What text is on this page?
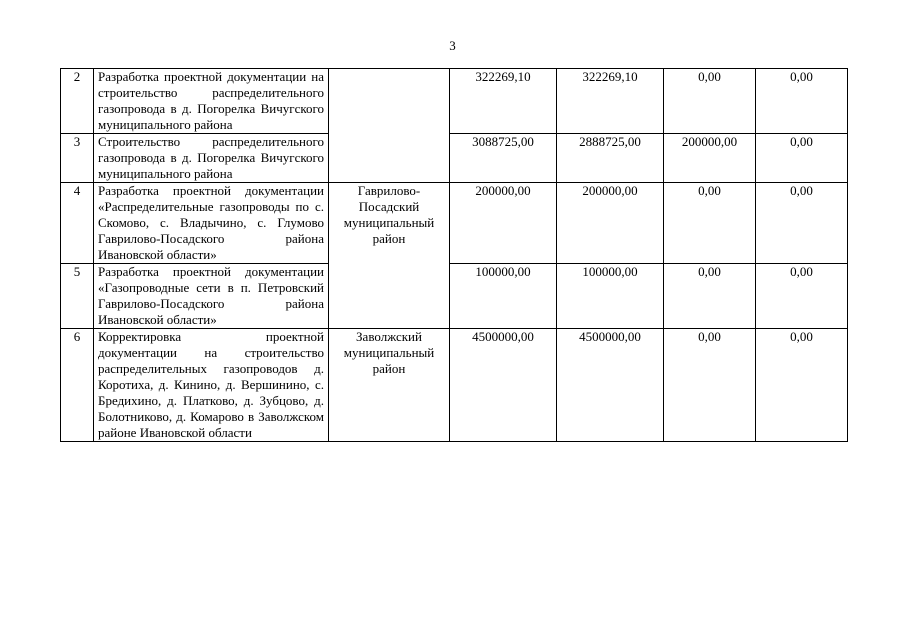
3
2	Разработка проектной документации на строительство распределительного газопровода в д. Погорелка Вичугского муниципального района		322269,10	322269,10	0,00	0,00
3	Строительство распределительного газопровода в д. Погорелка Вичугского муниципального района		3088725,00	2888725,00	200000,00	0,00
4	Разработка проектной документации «Распределительные газопроводы по с. Скомово, с. Владычино, с. Глумово Гаврилово-Посадского района Ивановской области»	Гаврилово-Посадский муниципальный район	200000,00	200000,00	0,00	0,00
5	Разработка проектной документации «Газопроводные сети в п. Петровский Гаврилово-Посадского района Ивановской области»		100000,00	100000,00	0,00	0,00
6	Корректировка проектной документации на строительство распределительных газопроводов д. Коротиха, д. Кинино, д. Вершинино, с. Бредихино, д. Платково, д. Зубцово, д. Болотниково, д. Комарово в Заволжском районе Ивановской области	Заволжский муниципальный район	4500000,00	4500000,00	0,00	0,00
